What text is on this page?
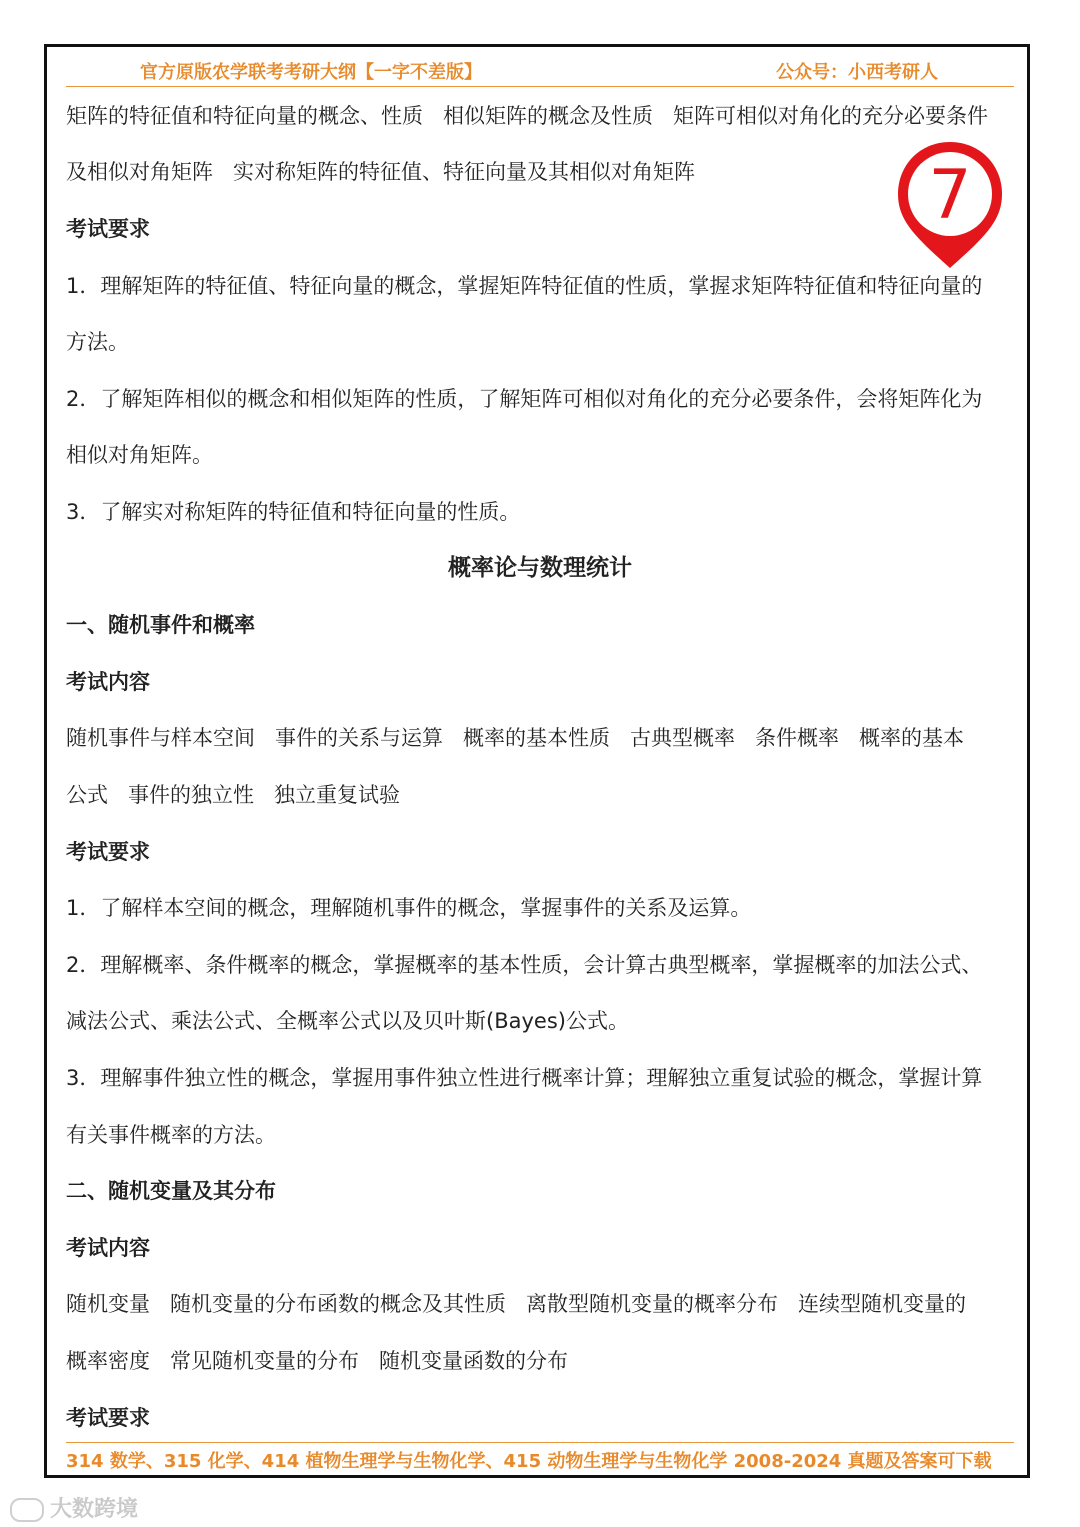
官方原版农学联考考研大纲【一字不差版】	公众号：小西考研人
7
矩阵的特征值和特征向量的概念、性质 相似矩阵的概念及性质 矩阵可相似对角化的充分必要条件
及相似对角矩阵 实对称矩阵的特征值、特征向量及其相似对角矩阵
考试要求
1．理解矩阵的特征值、特征向量的概念，掌握矩阵特征值的性质，掌握求矩阵特征值和特征向量的
方法。
2．了解矩阵相似的概念和相似矩阵的性质，了解矩阵可相似对角化的充分必要条件，会将矩阵化为
相似对角矩阵。
3．了解实对称矩阵的特征值和特征向量的性质。
概率论与数理统计
一、随机事件和概率
考试内容
随机事件与样本空间 事件的关系与运算 概率的基本性质 古典型概率 条件概率 概率的基本
公式 事件的独立性 独立重复试验
考试要求
1．了解样本空间的概念，理解随机事件的概念，掌握事件的关系及运算。
2．理解概率、条件概率的概念，掌握概率的基本性质，会计算古典型概率，掌握概率的加法公式、
减法公式、乘法公式、全概率公式以及贝叶斯(Bayes)公式。
3．理解事件独立性的概念，掌握用事件独立性进行概率计算；理解独立重复试验的概念，掌握计算
有关事件概率的方法。
二、随机变量及其分布
考试内容
随机变量 随机变量的分布函数的概念及其性质 离散型随机变量的概率分布 连续型随机变量的
概率密度 常见随机变量的分布 随机变量函数的分布
考试要求
314 数学、315 化学、414 植物生理学与生物化学、415 动物生理学与生物化学 2008-2024 真题及答案可下载
大数跨境
